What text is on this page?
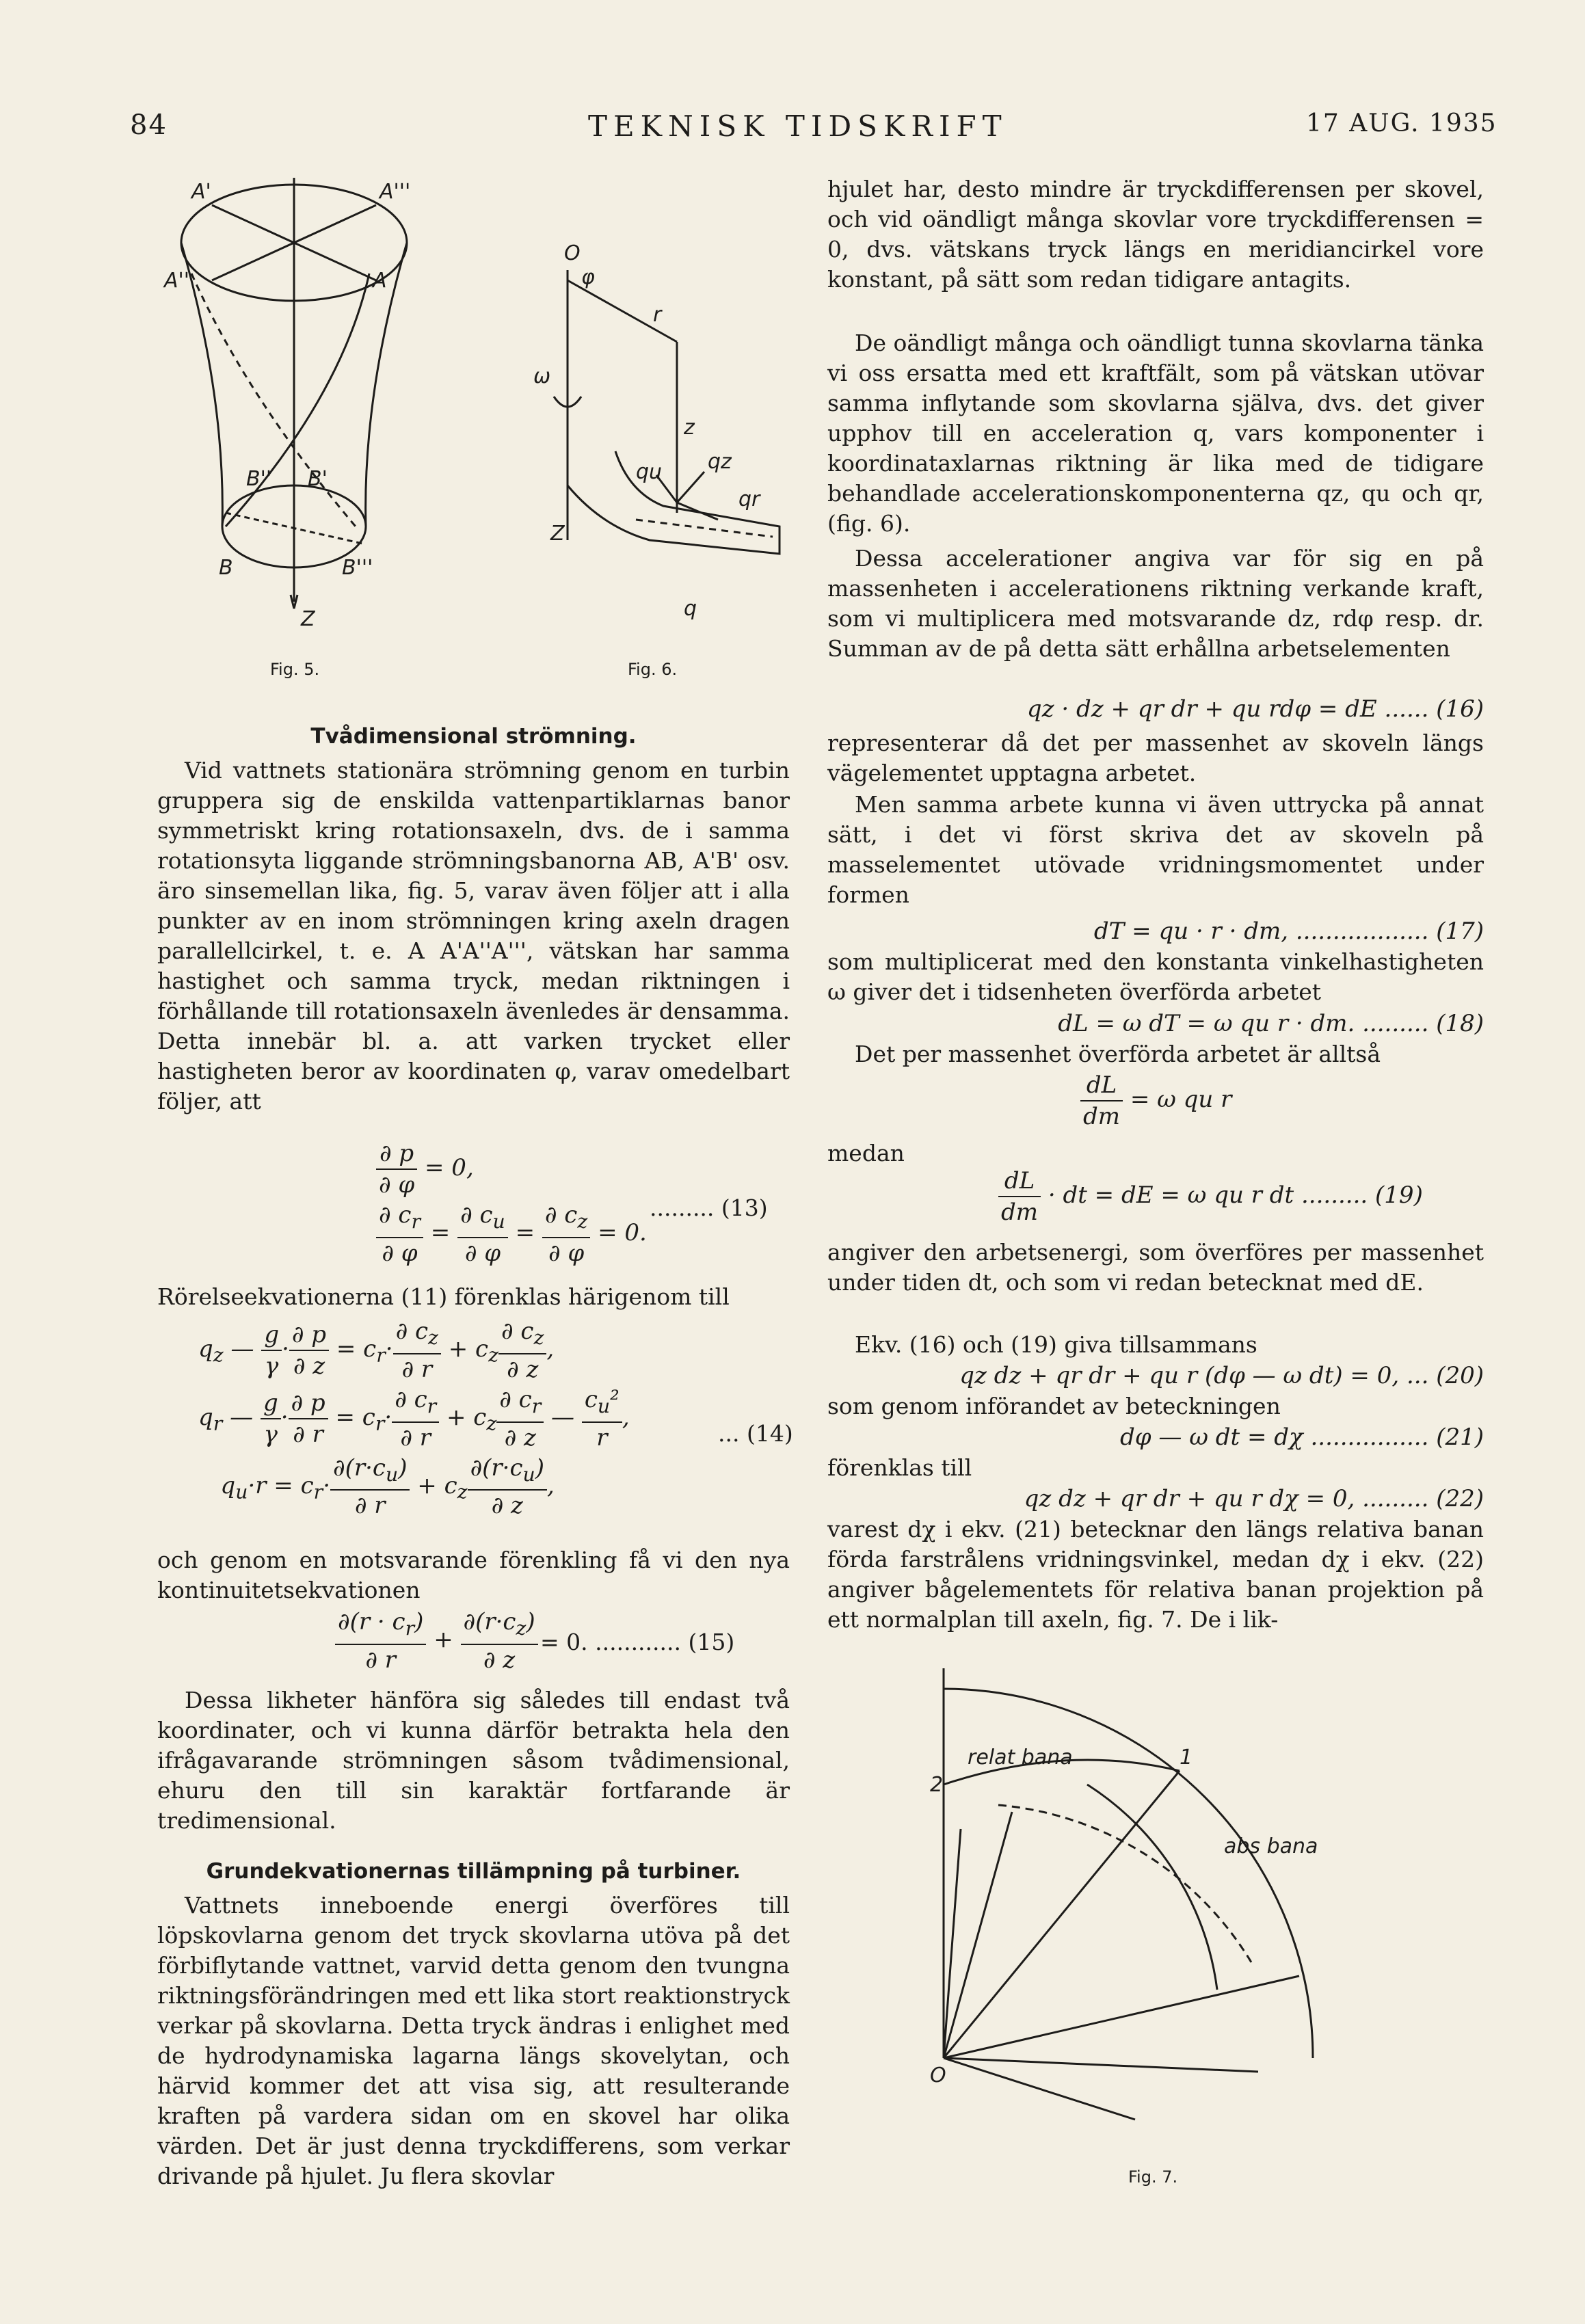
84	TEKNISK TIDSKRIFT	17 AUG. 1935
A'	A'''
A''	A
B'' B'
B	B'''
Z
Fig. 5.
O
φ
r
ω
z
Z
qu qz
qr
q
Fig. 6.
Tvådimensional strömning.

Vid vattnets stationära strömning genom en turbin gruppera sig de enskilda vattenpartiklarnas banor symmetriskt kring rotationsaxeln, dvs. de i samma rotationsyta liggande strömningsbanorna AB, A'B' osv. äro sinsemellan lika, fig. 5, varav även följer att i alla punkter av en inom strömningen kring axeln dragen parallellcirkel, t. e. A A'A''A''', vätskan har samma hastighet och samma tryck, medan riktningen i förhållande till rotationsaxeln ävenledes är densamma. Detta innebär bl. a. att varken trycket eller hastigheten beror av koordinaten φ, varav omedelbart följer, att

$\frac{\partial p}{\partial \varphi} = 0$,

$\frac{\partial c_r}{\partial \varphi} = \frac{\partial c_u}{\partial \varphi} = \frac{\partial c_z}{\partial \varphi} = 0$.
......... (13)

Rörelseekvationerna (11) förenklas härigenom till

$q_z$ — $\frac{g}{\gamma} \cdot \frac{\partial p}{\partial z} = c_r\cdot \frac{\partial c_z}{\partial r} + c_z \frac{\partial c_z}{\partial z}$ ,
$q_r$ — $\frac{g}{\gamma} \cdot \frac{\partial p}{\partial r} = c_r\cdot \frac{\partial c_r}{\partial r} + c_z \frac{\partial c_r}{\partial z}$ — $\frac{c_u^2}{r}$ ,
$q_u\cdot r = c_r\cdot \frac{\partial(r\cdot c_u)}{\partial r} + c_z \frac{\partial(r\cdot c_u)}{\partial z}$ ,
... (14)

och genom en motsvarande förenkling få vi den nya kontinuitetsekvationen

$\frac{\partial(r \cdot c_r)}{\partial r} + \frac{\partial(r\cdot c_z)}{\partial z} = 0$. ............ (15)

Dessa likheter hänföra sig således till endast två koordinater, och vi kunna därför betrakta hela den ifrågavarande strömningen såsom tvådimensional, ehuru den till sin karaktär fortfarande är tredimensional.

Grundekvationernas tillämpning på turbiner.

Vattnets inneboende energi överföres till löpskovlarna genom det tryck skovlarna utöva på det förbiflytande vattnet, varvid detta genom den tvungna riktningsförändringen med ett lika stort reaktionstryck verkar på skovlarna. Detta tryck ändras i enlighet med de hydrodynamiska lagarna längs skovelytan, och härvid kommer det att visa sig, att resulterande kraften på vardera sidan om en skovel har olika värden. Det är just denna tryckdifferens, som verkar drivande på hjulet. Ju flera skovlar

hjulet har, desto mindre är tryckdifferensen per skovel, och vid oändligt många skovlar vore tryckdifferensen = 0, dvs. vätskans tryck längs en meridiancirkel vore konstant, på sätt som redan tidigare antagits.

De oändligt många och oändligt tunna skovlarna tänka vi oss ersatta med ett kraftfält, som på vätskan utövar samma inflytande som skovlarna själva, dvs. det giver upphov till en acceleration q, vars komponenter i koordinataxlarnas riktning är lika med de tidigare behandlade accelerationskomponenterna qz, qu och qr, (fig. 6).

Dessa accelerationer angiva var för sig en på massenheten i accelerationens riktning verkande kraft, som vi multiplicera med motsvarande dz, rdφ resp. dr. Summan av de på detta sätt erhållna arbetselementen

qz · dz + qr dr + qu rdφ = dE ...... (16)

representerar då det per massenhet av skoveln längs vägelementet upptagna arbetet.

Men samma arbete kunna vi även uttrycka på annat sätt, i det vi först skriva det av skoveln på masselementet utövade vridningsmomentet under formen

dT = qu · r · dm, .................. (17)

som multiplicerat med den konstanta vinkelhastigheten ω giver det i tidsenheten överförda arbetet

dL = ω dT = ω qu r · dm. ......... (18)

Det per massenhet överförda arbetet är alltså

$\frac{dL}{dm} = \omega$ qu r

medan

$\frac{dL}{dm}$ · dt = dE = ω qu r dt ......... (19)

angiver den arbetsenergi, som överföres per massenhet under tiden dt, och som vi redan betecknat med dE.

Ekv. (16) och (19) giva tillsammans

qz dz + qr dr + qu r (dφ — ω dt) = 0, ... (20)

som genom införandet av beteckningen

dφ — ω dt = dχ ................ (21)

förenklas till

qz dz + qr dr + qu r dχ = 0, ......... (22)

varest dχ i ekv. (21) betecknar den längs relativa banan förda farstrålens vridningsvinkel, medan dχ i ekv. (22) angiver bågelementets för relativa banan projektion på ett normalplan till axeln, fig. 7. De i lik-

relat bana
abs bana
O
1
2
Fig. 7.
